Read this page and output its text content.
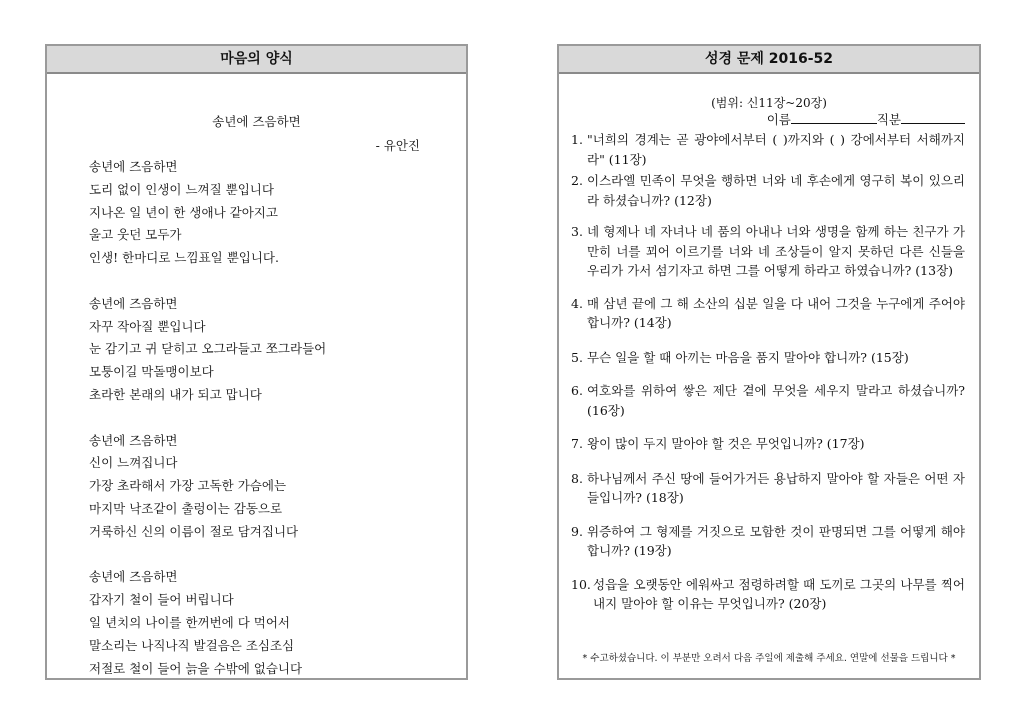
마음의 양식
송년에 즈음하면
- 유안진
송년에 즈음하면
도리 없이 인생이 느껴질 뿐입니다
지나온 일 년이 한 생애나 같아지고
울고 웃던 모두가
인생! 한마디로 느낌표일 뿐입니다.
송년에 즈음하면
자꾸 작아질 뿐입니다
눈 감기고 귀 닫히고 오그라들고 쪼그라들어
모퉁이길 막돌맹이보다
초라한 본래의 내가 되고 맙니다
송년에 즈음하면
신이 느껴집니다
가장 초라해서 가장 고독한 가슴에는
마지막 낙조같이 출렁이는 감동으로
거룩하신 신의 이름이 절로 담겨집니다
송년에 즈음하면
갑자기 철이 들어 버립니다
일 년치의 나이를 한꺼번에 다 먹어서
말소리는 나직나직 발걸음은 조심조심
저절로 철이 들어 늙을 수밖에 없습니다
성경 문제 2016-52
(범위: 신11장~20장)
이름	직분
1. "너희의 경계는 곧 광야에서부터 ( )까지와 ( ) 강에서부터 서해까지라" (11장)
2. 이스라엘 민족이 무엇을 행하면 너와 네 후손에게 영구히 복이 있으리라 하셨습니까? (12장)
3. 네 형제나 네 자녀나 네 품의 아내나 너와 생명을 함께 하는 친구가 가만히 너를 꾀어 이르기를 너와 네 조상들이 알지 못하던 다른 신들을 우리가 가서 섬기자고 하면 그를 어떻게 하라고 하였습니까? (13장)
4. 매 삼년 끝에 그 해 소산의 십분 일을 다 내어 그것을 누구에게 주어야 합니까? (14장)
5. 무슨 일을 할 때 아끼는 마음을 품지 말아야 합니까? (15장)
6. 여호와를 위하여 쌓은 제단 곁에 무엇을 세우지 말라고 하셨습니까? (16장)
7. 왕이 많이 두지 말아야 할 것은 무엇입니까? (17장)
8. 하나님께서 주신 땅에 들어가거든 용납하지 말아야 할 자들은 어떤 자들입니까? (18장)
9. 위증하여 그 형제를 거짓으로 모함한 것이 판명되면 그를 어떻게 해야 합니까? (19장)
10. 성읍을 오랫동안 에워싸고 점령하려할 때 도끼로 그곳의 나무를 찍어내지 말아야 할 이유는 무엇입니까? (20장)
* 수고하셨습니다. 이 부분만 오려서 다음 주일에 제출해 주세요. 연말에 선물을 드립니다 *
